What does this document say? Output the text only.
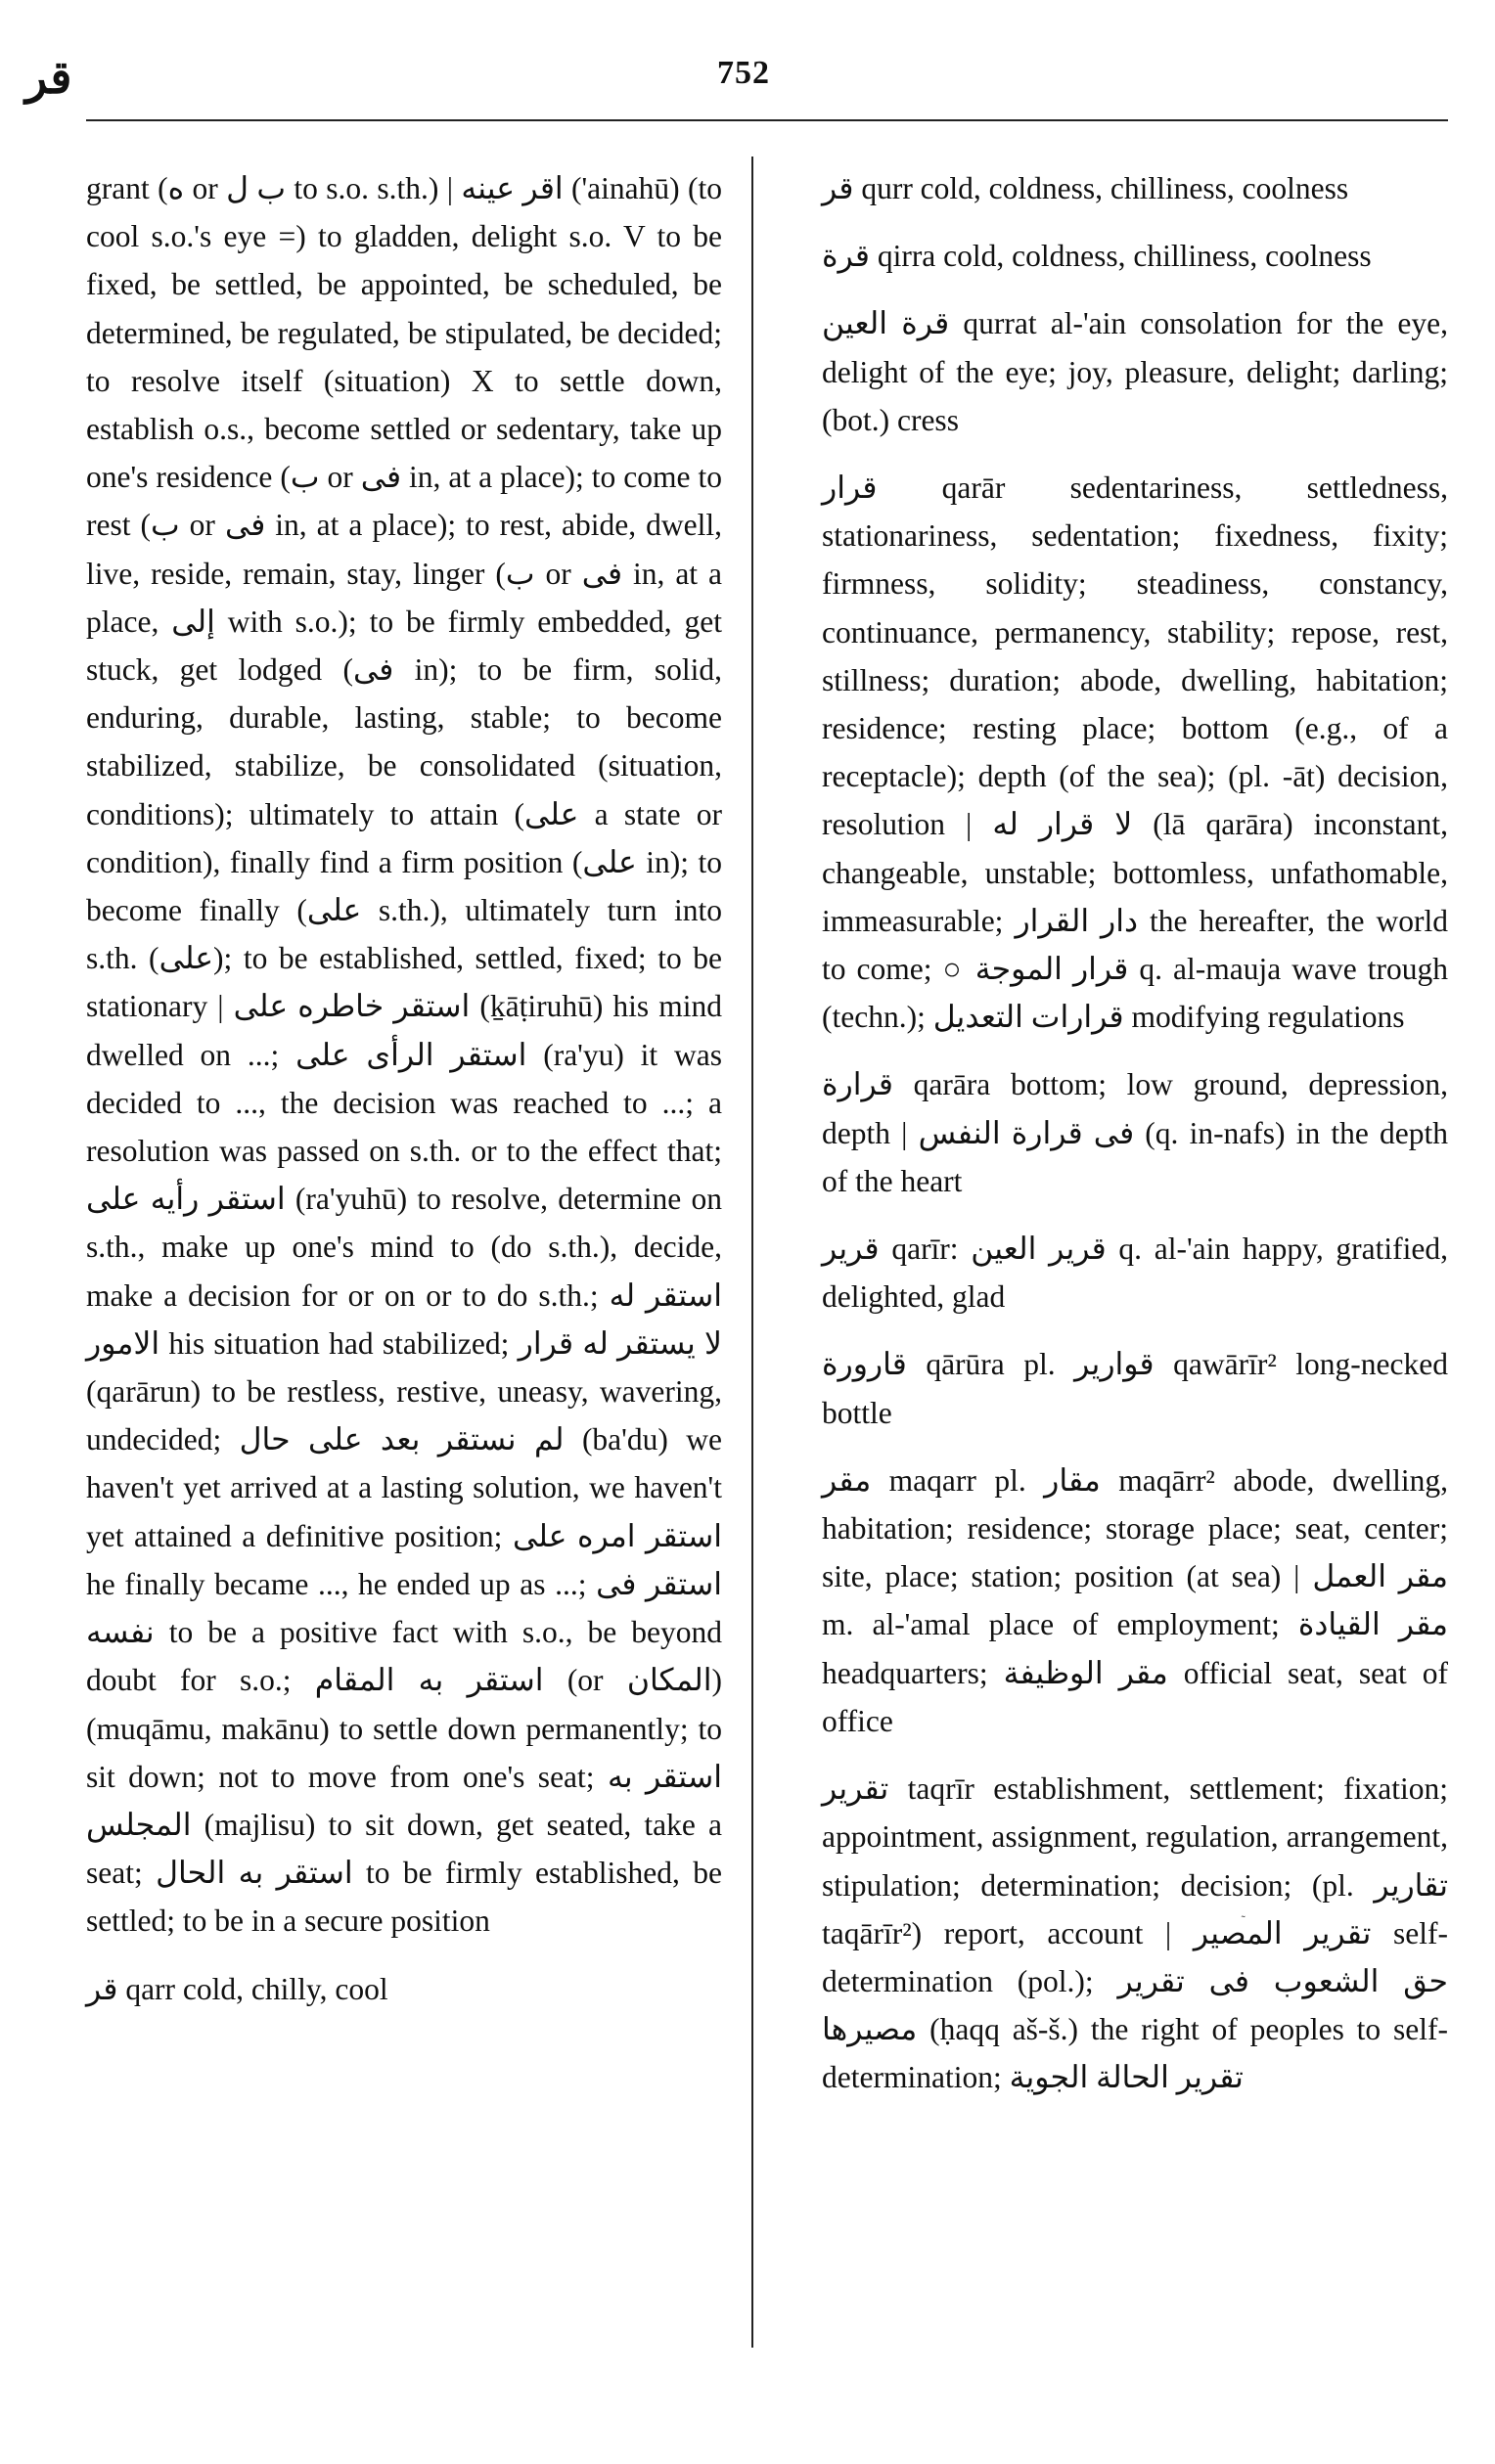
قر	752

grant (ه or ب ل to s.o. s.th.) | اقر عينه ('ainahū) (to cool s.o.'s eye =) to gladden, delight s.o. V to be fixed, be settled, be appointed, be scheduled, be determined, be regulated, be stipulated, be decided; to resolve itself (situation) X to settle down, establish o.s., become settled or sedentary, take up one's residence (ب or فى in, at a place); to come to rest (ب or فى in, at a place); to rest, abide, dwell, live, reside, remain, stay, linger (ب or فى in, at a place, إلى with s.o.); to be firmly embedded, get stuck, get lodged (فى in); to be firm, solid, enduring, durable, lasting, stable; to become stabilized, stabilize, be consolidated (situation, conditions); ultimately to attain (على a state or condition), finally find a firm position (على in); to become finally (على s.th.), ultimately turn into s.th. (على); to be established, settled, fixed; to be stationary | استقر خاطره على (ḵāṭiruhū) his mind dwelled on ...; استقر الرأى على (ra'yu) it was decided to ..., the decision was reached to ...; a resolution was passed on s.th. or to the effect that; استقر رأيه على (ra'yuhū) to resolve, determine on s.th., make up one's mind to (do s.th.), decide, make a decision for or on or to do s.th.; استقر له الامور his situation had stabilized; لا يستقر له قرار (qarārun) to be restless, restive, uneasy, wavering, undecided; لم نستقر بعد على حال (ba'du) we haven't yet arrived at a lasting solution, we haven't yet attained a definitive position; استقر امره على he finally became ..., he ended up as ...; استقر فى نفسه to be a positive fact with s.o., be beyond doubt for s.o.; استقر به المقام (or المكان) (muqāmu, makānu) to settle down permanently; to sit down; not to move from one's seat; استقر به المجلس (majlisu) to sit down, get seated, take a seat; استقر به الحال to be firmly established, be settled; to be in a secure position

قر qarr cold, chilly, cool

قر qurr cold, coldness, chilliness, coolness

قرة qirra cold, coldness, chilliness, coolness

قرة العين qurrat al-'ain consolation for the eye, delight of the eye; joy, pleasure, delight; darling; (bot.) cress

قرار qarār sedentariness, settledness, stationariness, sedentation; fixedness, fixity; firmness, solidity; steadiness, constancy, continuance, permanency, stability; repose, rest, stillness; duration; abode, dwelling, habitation; residence; resting place; bottom (e.g., of a receptacle); depth (of the sea); (pl. -āt) decision, resolution | لا قرار له (lā qarāra) inconstant, changeable, unstable; bottomless, unfathomable, immeasurable; دار القرار the hereafter, the world to come; ○ قرار الموجة q. al-mauja wave trough (techn.); قرارات التعديل modifying regulations

قرارة qarāra bottom; low ground, depression, depth | فى قرارة النفس (q. in-nafs) in the depth of the heart

قرير qarīr: قرير العين q. al-'ain happy, gratified, delighted, glad

قارورة qārūra pl. قوارير qawārīr² long-necked bottle

مقر maqarr pl. مقار maqārr² abode, dwelling, habitation; residence; storage place; seat, center; site, place; station; position (at sea) | مقر العمل m. al-'amal place of employment; مقر القيادة headquarters; مقر الوظيفة official seat, seat of office

تقرير taqrīr establishment, settlement; fixation; appointment, assignment, regulation, arrangement, stipulation; determination; decision; (pl. تقارير taqārīr²) report, account | تقرير المصير self-determination (pol.); حق الشعوب فى تقرير مصيرها (ḥaqq aš-š.) the right of peoples to self-determination; تقرير الحالة الجوية
